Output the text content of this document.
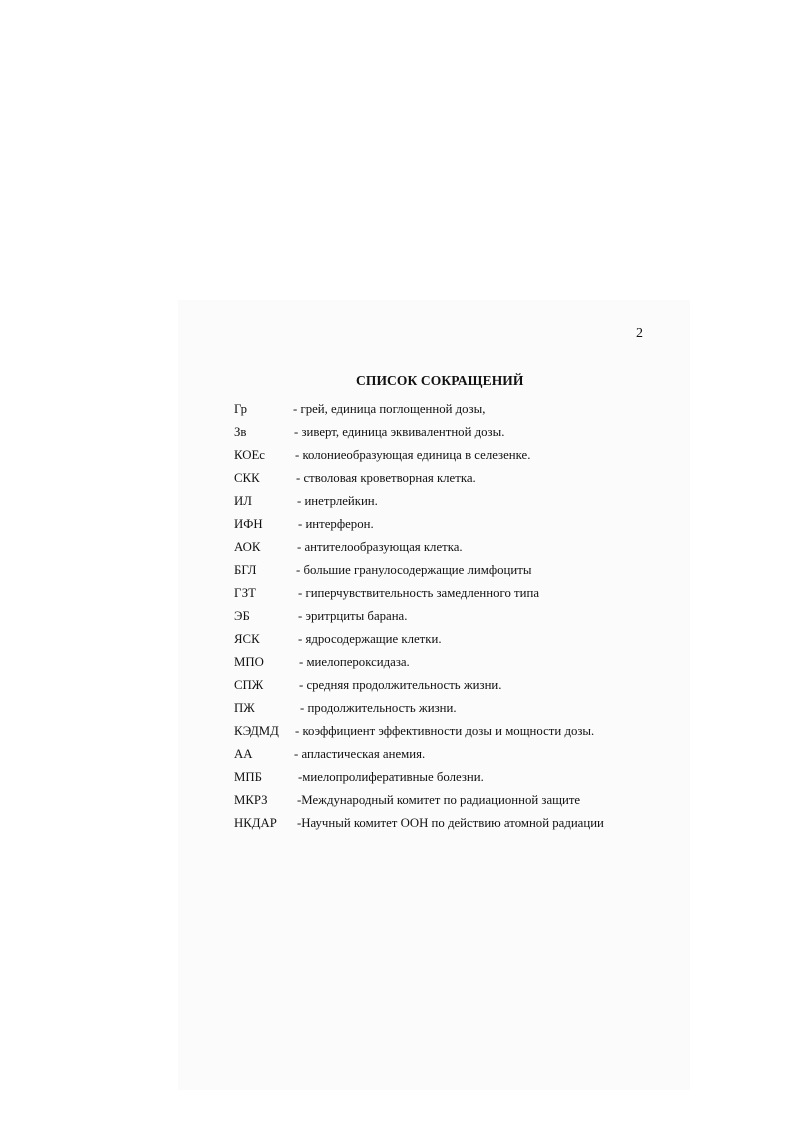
2
СПИСОК СОКРАЩЕНИЙ
Гр	- грей, единица поглощенной дозы,
Зв	- зиверт, единица эквивалентной дозы.
КОЕс - колониеобразующая единица в селезенке.
СКК	- стволовая кроветворная клетка.
ИЛ	- инетрлейкин.
ИФН	- интерферон.
АОК	- антителообразующая клетка.
БГЛ	- большие гранулосодержащие лимфоциты
ГЗТ	- гиперчувствительность замедленного типа
ЭБ	- эритрциты барана.
ЯСК	- ядросодержащие клетки.
МПО	- миелопероксидаза.
СПЖ	- средняя продолжительность жизни.
ПЖ	- продолжительность жизни.
КЭДМД - коэффициент эффективности дозы и мощности дозы.
АА	- апластическая анемия.
МПБ	-миелопролиферативные болезни.
МКРЗ -Международный комитет по радиационной защите
НКДАР -Научный комитет ООН по действию атомной радиации
